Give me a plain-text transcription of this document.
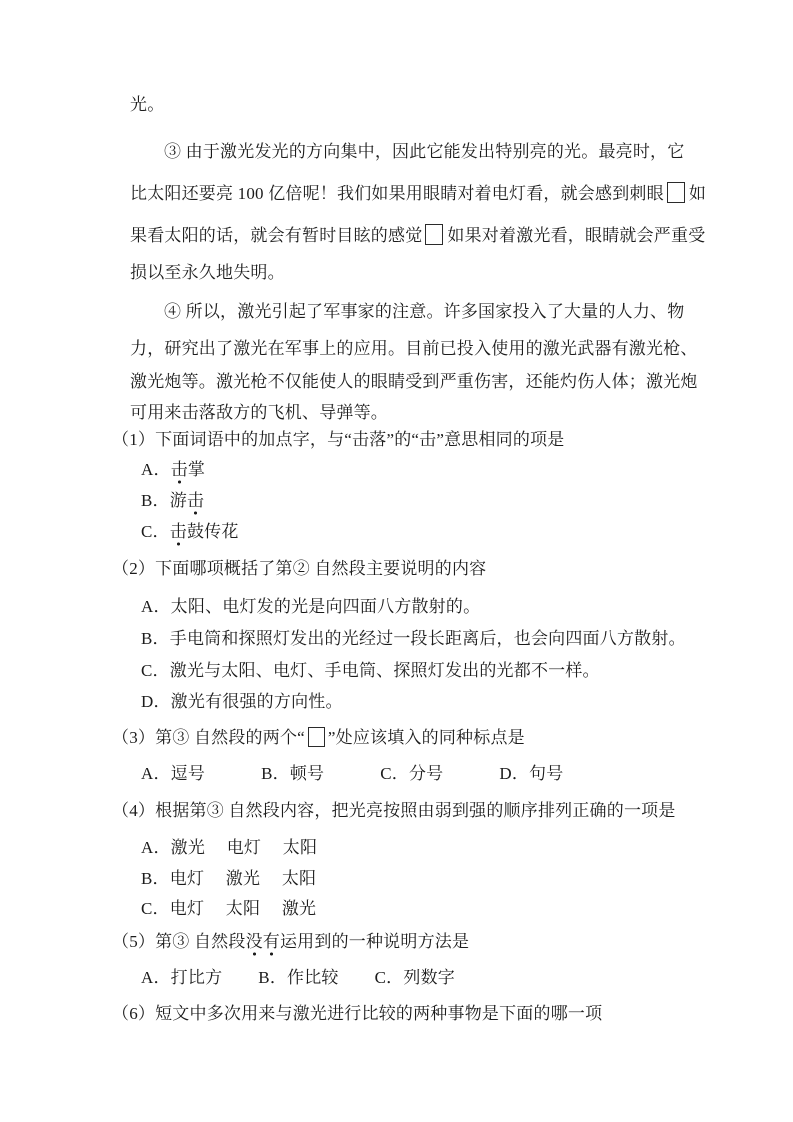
光。
③ 由于激光发光的方向集中，因此它能发出特别亮的光。最亮时，它
比太阳还要亮 100 亿倍呢！我们如果用眼睛对着电灯看，就会感到刺眼 如
果看太阳的话，就会有暂时目眩的感觉 如果对着激光看，眼睛就会严重受
损以至永久地失明。
④ 所以，激光引起了军事家的注意。许多国家投入了大量的人力、物
力，研究出了激光在军事上的应用。目前已投入使用的激光武器有激光枪、
激光炮等。激光枪不仅能使人的眼睛受到严重伤害，还能灼伤人体；激光炮
可用来击落敌方的飞机、导弹等。
（1）下面词语中的加点字，与“击落”的“击”意思相同的项是
A．击掌
B．游击
C．击鼓传花
（2）下面哪项概括了第② 自然段主要说明的内容
A．太阳、电灯发的光是向四面八方散射的。
B．手电筒和探照灯发出的光经过一段长距离后，也会向四面八方散射。
C．激光与太阳、电灯、手电筒、探照灯发出的光都不一样。
D．激光有很强的方向性。
（3）第③ 自然段的两个“ ”处应该填入的同种标点是
A．逗号	B．顿号	C．分号	D．句号
（4）根据第③ 自然段内容，把光亮按照由弱到强的顺序排列正确的一项是
A．激光　 电灯　 太阳
B．电灯　 激光　 太阳
C．电灯　 太阳　 激光
（5）第③ 自然段没有运用到的一种说明方法是
A．打比方 B．作比较 C．列数字
（6）短文中多次用来与激光进行比较的两种事物是下面的哪一项
